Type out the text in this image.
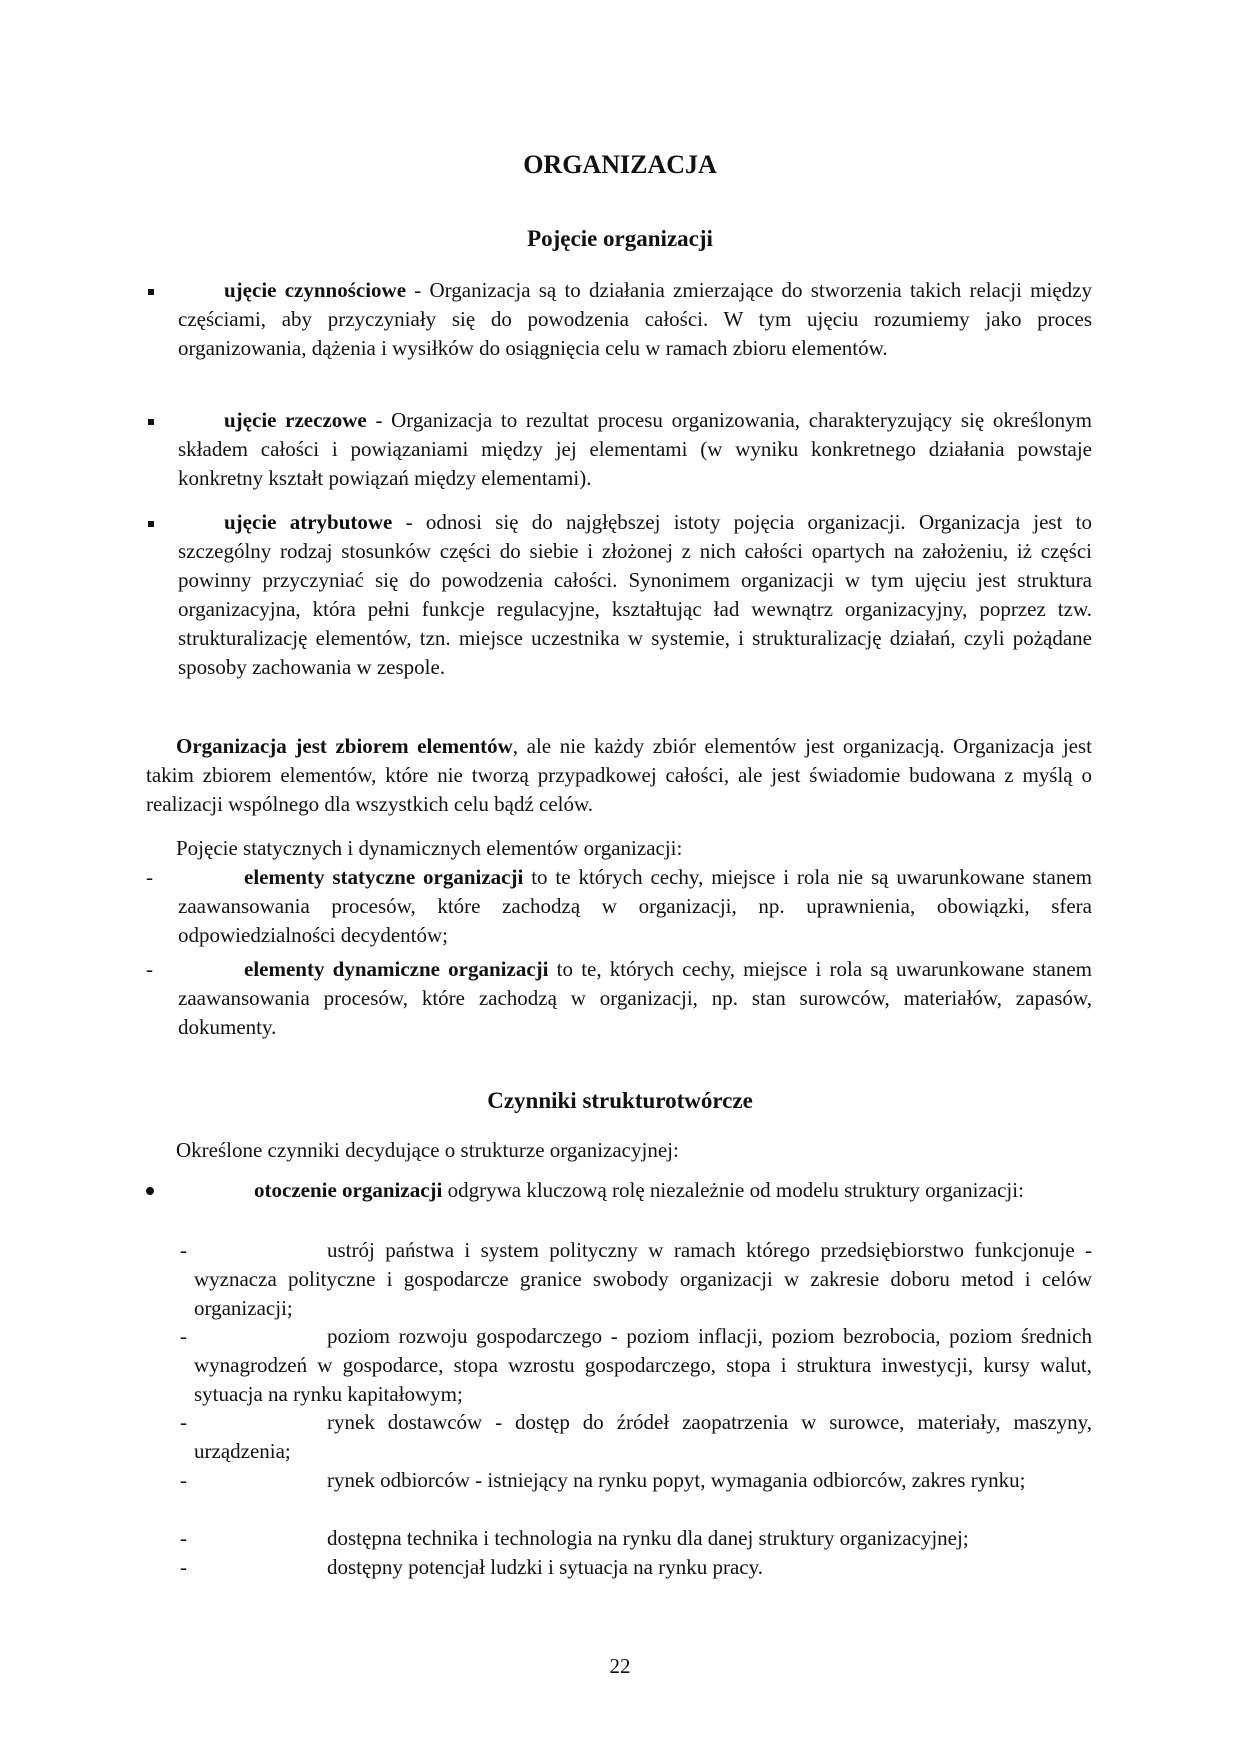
ORGANIZACJA
Pojęcie organizacji

ujęcie czynnościowe - Organizacja są to działania zmierzające do stworzenia takich relacji między częściami, aby przyczyniały się do powodzenia całości. W tym ujęciu rozumiemy jako proces organizowania, dążenia i wysiłków do osiągnięcia celu w ramach zbioru elementów.

ujęcie rzeczowe - Organizacja to rezultat procesu organizowania, charakteryzujący się określonym składem całości i powiązaniami między jej elementami (w wyniku konkretnego działania powstaje konkretny kształt powiązań między elementami).

ujęcie atrybutowe - odnosi się do najgłębszej istoty pojęcia organizacji. Organizacja jest to szczególny rodzaj stosunków części do siebie i złożonej z nich całości opartych na założeniu, iż części powinny przyczyniać się do powodzenia całości. Synonimem organizacji w tym ujęciu jest struktura organizacyjna, która pełni funkcje regulacyjne, kształtując ład wewnątrz organizacyjny, poprzez tzw. strukturalizację elementów, tzn. miejsce uczestnika w systemie, i strukturalizację działań, czyli pożądane sposoby zachowania w zespole.

Organizacja jest zbiorem elementów, ale nie każdy zbiór elementów jest organizacją. Organizacja jest takim zbiorem elementów, które nie tworzą przypadkowej całości, ale jest świadomie budowana z myślą o realizacji wspólnego dla wszystkich celu bądź celów.

Pojęcie statycznych i dynamicznych elementów organizacji:
-	elementy statyczne organizacji to te których cechy, miejsce i rola nie są uwarunkowane stanem zaawansowania procesów, które zachodzą w organizacji, np. uprawnienia, obowiązki, sfera odpowiedzialności decydentów;

-	elementy dynamiczne organizacji to te, których cechy, miejsce i rola są uwarunkowane stanem zaawansowania procesów, które zachodzą w organizacji, np. stan surowców, materiałów, zapasów, dokumenty.

Czynniki strukturotwórcze
Określone czynniki decydujące o strukturze organizacyjnej:

otoczenie organizacji odgrywa kluczową rolę niezależnie od modelu struktury organizacji:

-	ustrój państwa i system polityczny w ramach którego przedsiębiorstwo funkcjonuje - wyznacza polityczne i gospodarcze granice swobody organizacji w zakresie doboru metod i celów organizacji;

-	poziom rozwoju gospodarczego - poziom inflacji, poziom bezrobocia, poziom średnich wynagrodzeń w gospodarce, stopa wzrostu gospodarczego, stopa i struktura inwestycji, kursy walut, sytuacja na rynku kapitałowym;

-	rynek dostawców - dostęp do źródeł zaopatrzenia w surowce, materiały, maszyny, urządzenia;

-	rynek odbiorców - istniejący na rynku popyt, wymagania odbiorców, zakres rynku;

-	dostępna technika i technologia na rynku dla danej struktury organizacyjnej;

-	dostępny potencjał ludzki i sytuacja na rynku pracy.

22
